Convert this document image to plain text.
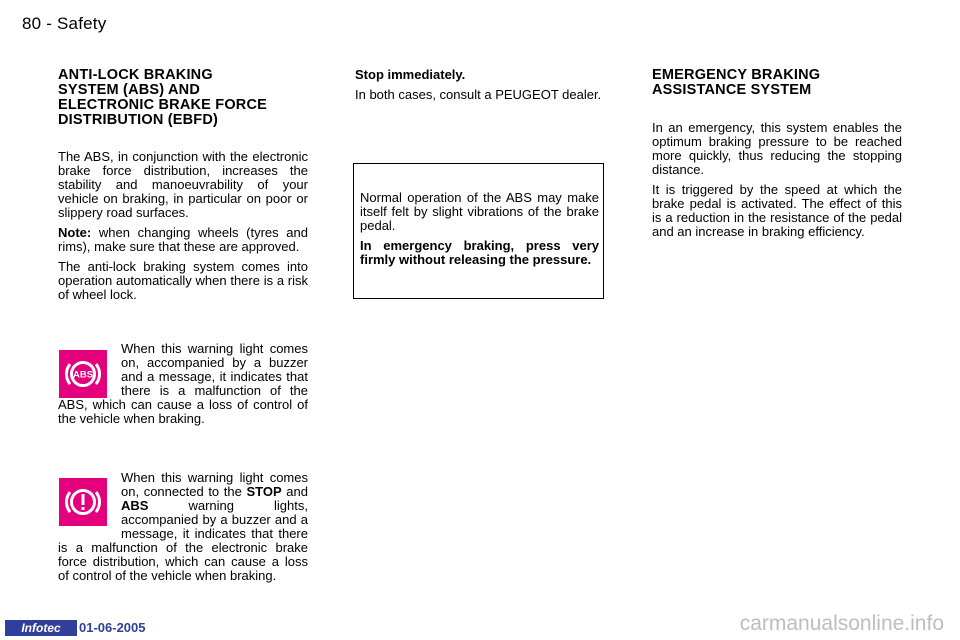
80 - Safety
ANTI-LOCK BRAKING
SYSTEM (ABS) AND
ELECTRONIC BRAKE FORCE
DISTRIBUTION (EBFD)

The ABS, in conjunction with the electronic brake force distribution, increases the stability and manoeuvrability of your vehicle on braking, in particular on poor or slippery road surfaces.

Note: when changing wheels (tyres and rims), make sure that these are approved.

The anti-lock braking system comes into operation automatically when there is a risk of wheel lock.

ABS
When this warning light comes on, accompanied by a buzzer and a message, it indicates that there is a malfunction of the ABS, which can cause a loss of control of the vehicle when braking.
When this warning light comes on, connected to the STOP and ABS warning lights, accompanied by a buzzer and a message, it indicates that there is a malfunction of the electronic brake force distribution, which can cause a loss of control of the vehicle when braking.

Stop immediately.

In both cases, consult a PEUGEOT dealer.

Normal operation of the ABS may make itself felt by slight vibrations of the brake pedal.

In emergency braking, press very firmly without releasing the pressure.

EMERGENCY BRAKING
ASSISTANCE SYSTEM

In an emergency, this system enables the optimum braking pressure to be reached more quickly, thus reducing the stopping distance.

It is triggered by the speed at which the brake pedal is activated. The effect of this is a reduction in the resistance of the pedal and an increase in braking efficiency.

Infotec	01-06-2005	carmanualsonline.info
